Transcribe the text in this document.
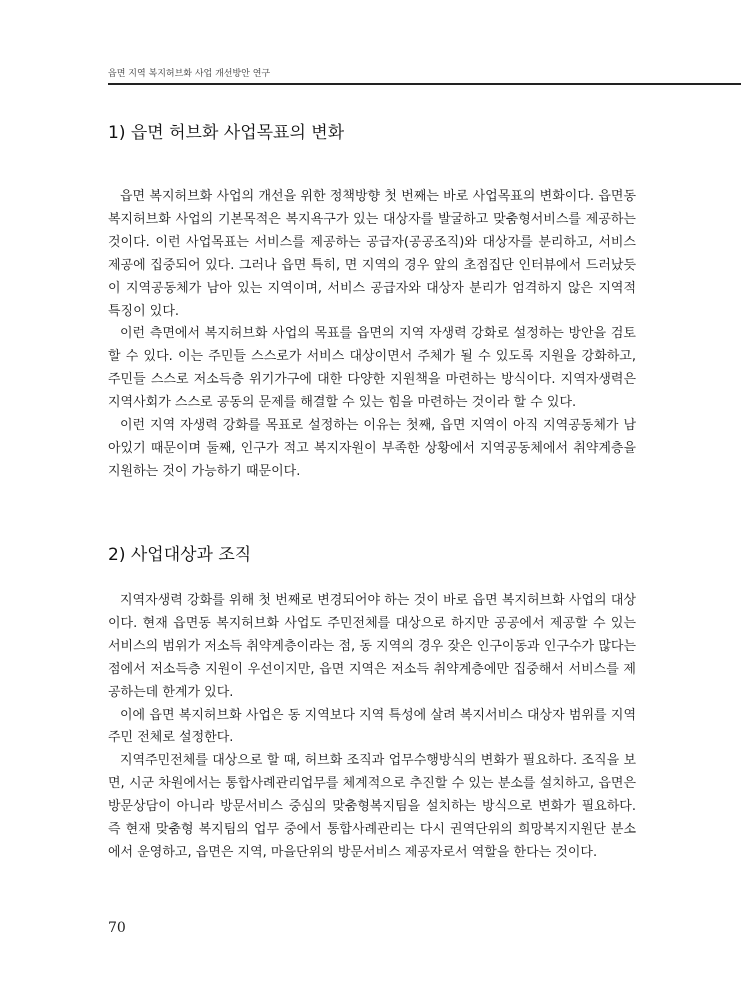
읍면 지역 복지허브화 사업 개선방안 연구
1) 읍면 허브화 사업목표의 변화

읍면 복지허브화 사업의 개선을 위한 정책방향 첫 번째는 바로 사업목표의 변화이다. 읍면동 복지허브화 사업의 기본목적은 복지욕구가 있는 대상자를 발굴하고 맞춤형서비스를 제공하는 것이다. 이런 사업목표는 서비스를 제공하는 공급자(공공조직)와 대상자를 분리하고, 서비스 제공에 집중되어 있다. 그러나 읍면 특히, 면 지역의 경우 앞의 초점집단 인터뷰에서 드러났듯이 지역공동체가 남아 있는 지역이며, 서비스 공급자와 대상자 분리가 엄격하지 않은 지역적 특징이 있다.

이런 측면에서 복지허브화 사업의 목표를 읍면의 지역 자생력 강화로 설정하는 방안을 검토할 수 있다. 이는 주민들 스스로가 서비스 대상이면서 주체가 될 수 있도록 지원을 강화하고, 주민들 스스로 저소득층 위기가구에 대한 다양한 지원책을 마련하는 방식이다. 지역자생력은 지역사회가 스스로 공동의 문제를 해결할 수 있는 힘을 마련하는 것이라 할 수 있다.

이런 지역 자생력 강화를 목표로 설정하는 이유는 첫째, 읍면 지역이 아직 지역공동체가 남아있기 때문이며 둘째, 인구가 적고 복지자원이 부족한 상황에서 지역공동체에서 취약계층을 지원하는 것이 가능하기 때문이다.

2) 사업대상과 조직

지역자생력 강화를 위해 첫 번째로 변경되어야 하는 것이 바로 읍면 복지허브화 사업의 대상이다. 현재 읍면동 복지허브화 사업도 주민전체를 대상으로 하지만 공공에서 제공할 수 있는 서비스의 범위가 저소득 취약계층이라는 점, 동 지역의 경우 잦은 인구이동과 인구수가 많다는 점에서 저소득층 지원이 우선이지만, 읍면 지역은 저소득 취약계층에만 집중해서 서비스를 제공하는데 한계가 있다.

이에 읍면 복지허브화 사업은 동 지역보다 지역 특성에 살려 복지서비스 대상자 범위를 지역주민 전체로 설정한다.

지역주민전체를 대상으로 할 때, 허브화 조직과 업무수행방식의 변화가 필요하다. 조직을 보면, 시군 차원에서는 통합사례관리업무를 체계적으로 추진할 수 있는 분소를 설치하고, 읍면은 방문상담이 아니라 방문서비스 중심의 맞춤형복지팀을 설치하는 방식으로 변화가 필요하다. 즉 현재 맞춤형 복지팀의 업무 중에서 통합사례관리는 다시 권역단위의 희망복지지원단 분소에서 운영하고, 읍면은 지역, 마을단위의 방문서비스 제공자로서 역할을 한다는 것이다.

70
